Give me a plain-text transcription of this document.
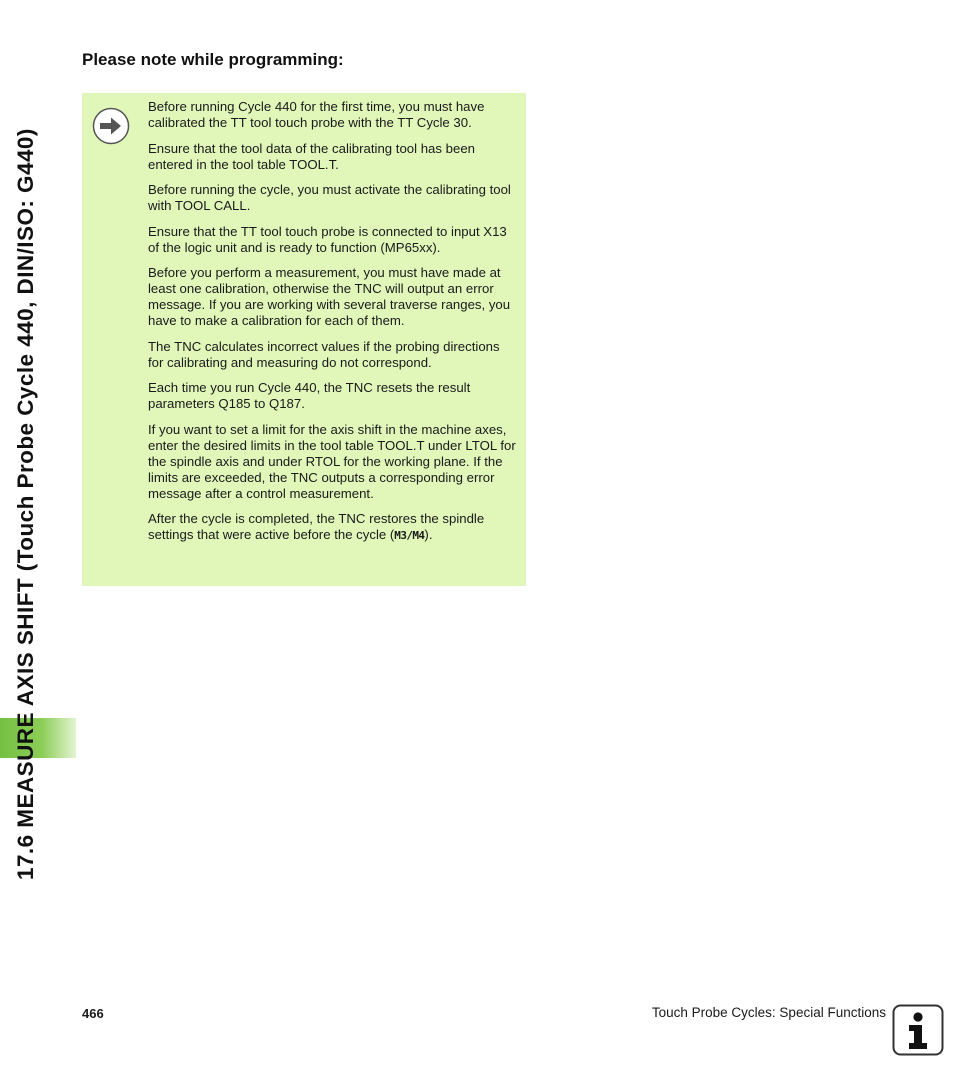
17.6 MEASURE AXIS SHIFT (Touch Probe Cycle 440, DIN/ISO: G440)
Please note while programming:

Before running Cycle 440 for the first time, you must have calibrated the TT tool touch probe with the TT Cycle 30.

Ensure that the tool data of the calibrating tool has been entered in the tool table TOOL.T.

Before running the cycle, you must activate the calibrating tool with TOOL CALL.

Ensure that the TT tool touch probe is connected to input X13 of the logic unit and is ready to function (MP65xx).

Before you perform a measurement, you must have made at least one calibration, otherwise the TNC will output an error message. If you are working with several traverse ranges, you have to make a calibration for each of them.

The TNC calculates incorrect values if the probing directions for calibrating and measuring do not correspond.

Each time you run Cycle 440, the TNC resets the result parameters Q185 to Q187.

If you want to set a limit for the axis shift in the machine axes, enter the desired limits in the tool table TOOL.T under LTOL for the spindle axis and under RTOL for the working plane. If the limits are exceeded, the TNC outputs a corresponding error message after a control measurement.

After the cycle is completed, the TNC restores the spindle settings that were active before the cycle (M3/M4).

466	Touch Probe Cycles: Special Functions
